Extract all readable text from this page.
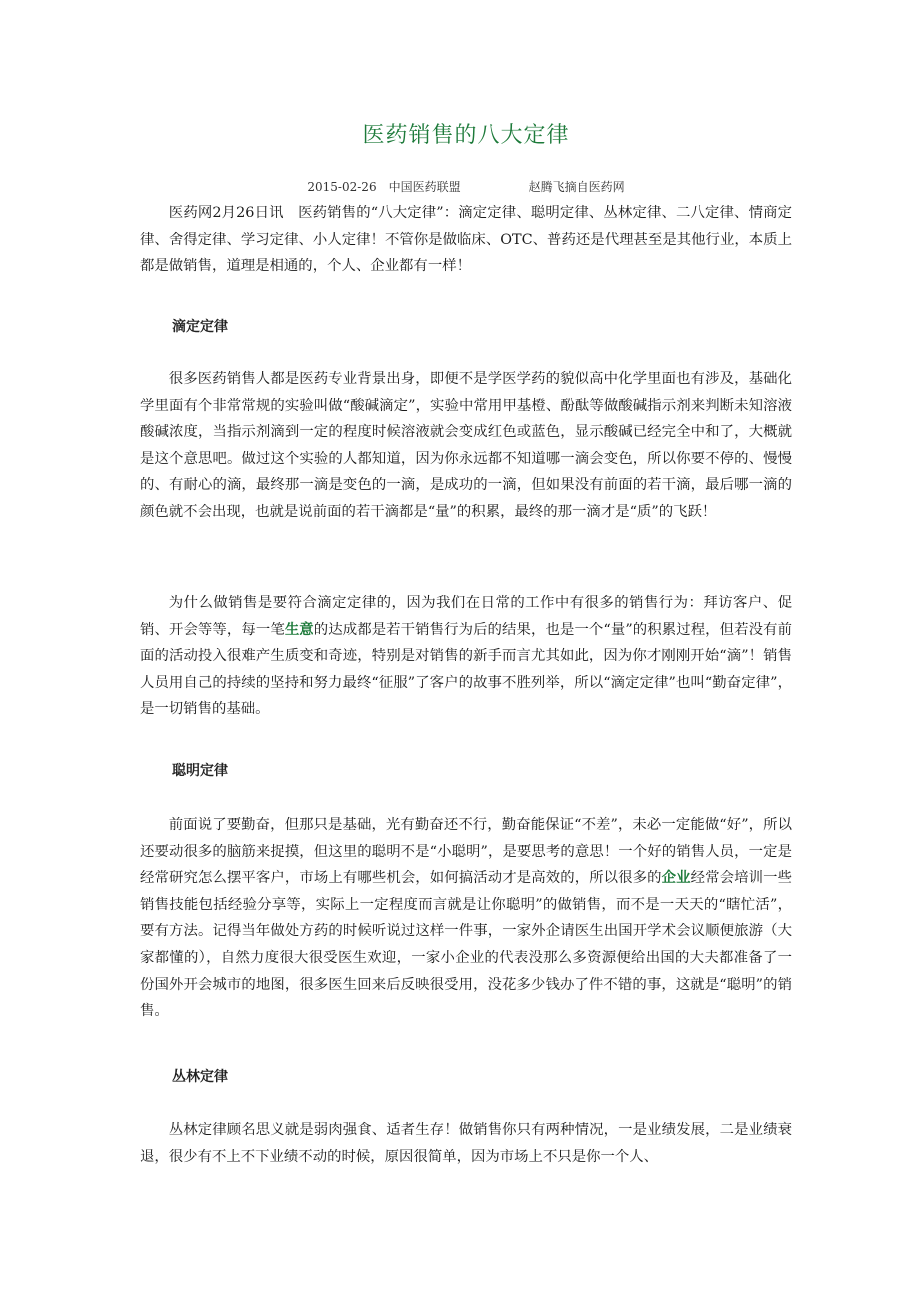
医药销售的八大定律
2015-02-26 中国医药联盟	赵腾飞摘自医药网

医药网2月26日讯　医药销售的“八大定律”：滴定定律、聪明定律、丛林定律、二八定律、情商定律、舍得定律、学习定律、小人定律！不管你是做临床、OTC、普药还是代理甚至是其他行业，本质上都是做销售，道理是相通的，个人、企业都有一样！

滴定定律

很多医药销售人都是医药专业背景出身，即便不是学医学药的貌似高中化学里面也有涉及，基础化学里面有个非常常规的实验叫做“酸碱滴定”，实验中常用甲基橙、酚酞等做酸碱指示剂来判断未知溶液酸碱浓度，当指示剂滴到一定的程度时候溶液就会变成红色或蓝色，显示酸碱已经完全中和了，大概就是这个意思吧。做过这个实验的人都知道，因为你永远都不知道哪一滴会变色，所以你要不停的、慢慢的、有耐心的滴，最终那一滴是变色的一滴，是成功的一滴，但如果没有前面的若干滴，最后哪一滴的颜色就不会出现，也就是说前面的若干滴都是“量”的积累，最终的那一滴才是“质”的飞跃！

为什么做销售是要符合滴定定律的，因为我们在日常的工作中有很多的销售行为：拜访客户、促销、开会等等，每一笔生意的达成都是若干销售行为后的结果，也是一个“量”的积累过程，但若没有前面的活动投入很难产生质变和奇迹，特别是对销售的新手而言尤其如此，因为你才刚刚开始“滴”！销售人员用自己的持续的坚持和努力最终“征服”了客户的故事不胜列举，所以“滴定定律”也叫“勤奋定律”，是一切销售的基础。

聪明定律

前面说了要勤奋，但那只是基础，光有勤奋还不行，勤奋能保证“不差”，未必一定能做“好”，所以还要动很多的脑筋来捉摸，但这里的聪明不是“小聪明”，是要思考的意思！一个好的销售人员，一定是经常研究怎么摆平客户，市场上有哪些机会，如何搞活动才是高效的，所以很多的企业经常会培训一些销售技能包括经验分享等，实际上一定程度而言就是让你聪明”的做销售，而不是一天天的“瞎忙活”，要有方法。记得当年做处方药的时候听说过这样一件事，一家外企请医生出国开学术会议顺便旅游（大家都懂的），自然力度很大很受医生欢迎，一家小企业的代表没那么多资源便给出国的大夫都准备了一份国外开会城市的地图，很多医生回来后反映很受用，没花多少钱办了件不错的事，这就是“聪明”的销售。

丛林定律

丛林定律顾名思义就是弱肉强食、适者生存！做销售你只有两种情况，一是业绩发展，二是业绩衰退，很少有不上不下业绩不动的时候，原因很简单，因为市场上不只是你一个人、
